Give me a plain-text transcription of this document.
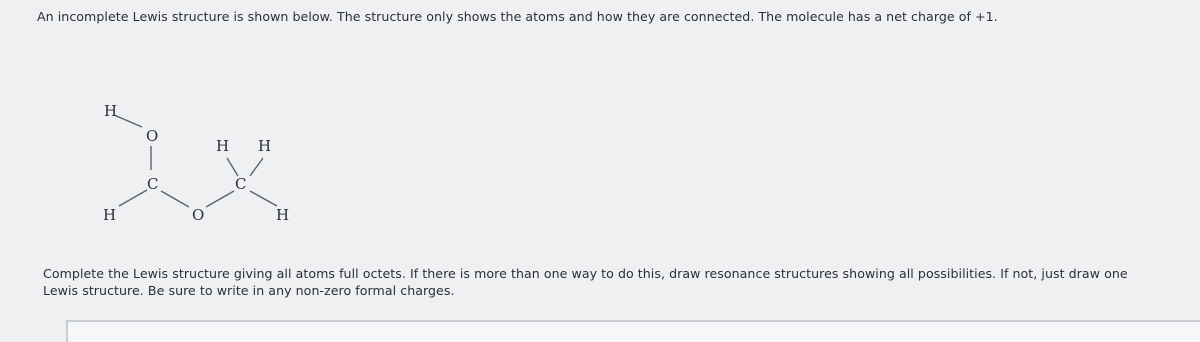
An incomplete Lewis structure is shown below. The structure only shows the atoms and how they are connected. The molecule has a net charge of +1.
H
O
C
H	O
C
H H
H
Complete the Lewis structure giving all atoms full octets. If there is more than one way to do this, draw resonance structures showing all possibilities. If not, just draw one Lewis structure. Be sure to write in any non-zero formal charges.
